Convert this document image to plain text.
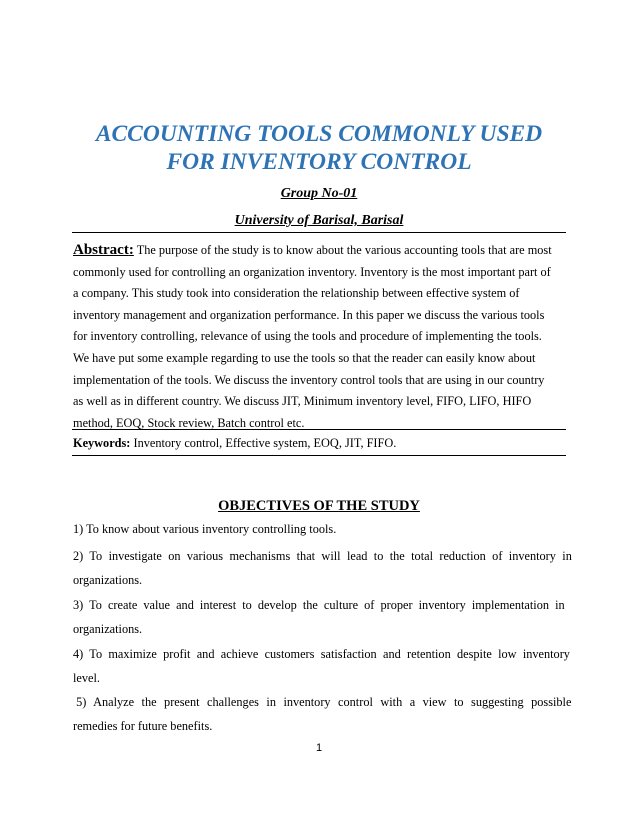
ACCOUNTING TOOLS COMMONLY USED
FOR INVENTORY CONTROL
Group No-01
University of Barisal, Barisal
Abstract: The purpose of the study is to know about the various accounting tools that are most
commonly used for controlling an organization inventory. Inventory is the most important part of
a company. This study took into consideration the relationship between effective system of
inventory management and organization performance. In this paper we discuss the various tools
for inventory controlling, relevance of using the tools and procedure of implementing the tools.
We have put some example regarding to use the tools so that the reader can easily know about
implementation of the tools. We discuss the inventory control tools that are using in our country
as well as in different country. We discuss JIT, Minimum inventory level, FIFO, LIFO, HIFO
method, EOQ, Stock review, Batch control etc.
Keywords: Inventory control, Effective system, EOQ, JIT, FIFO.
OBJECTIVES OF THE STUDY
1) To know about various inventory controlling tools.
2) To investigate on various mechanisms that will lead to the total reduction of inventory in
organizations.
3) To create value and interest to develop the culture of proper inventory implementation in
organizations.
4) To maximize profit and achieve customers satisfaction and retention despite low inventory
level.
5) Analyze the present challenges in inventory control with a view to suggesting possible
remedies for future benefits.
1
